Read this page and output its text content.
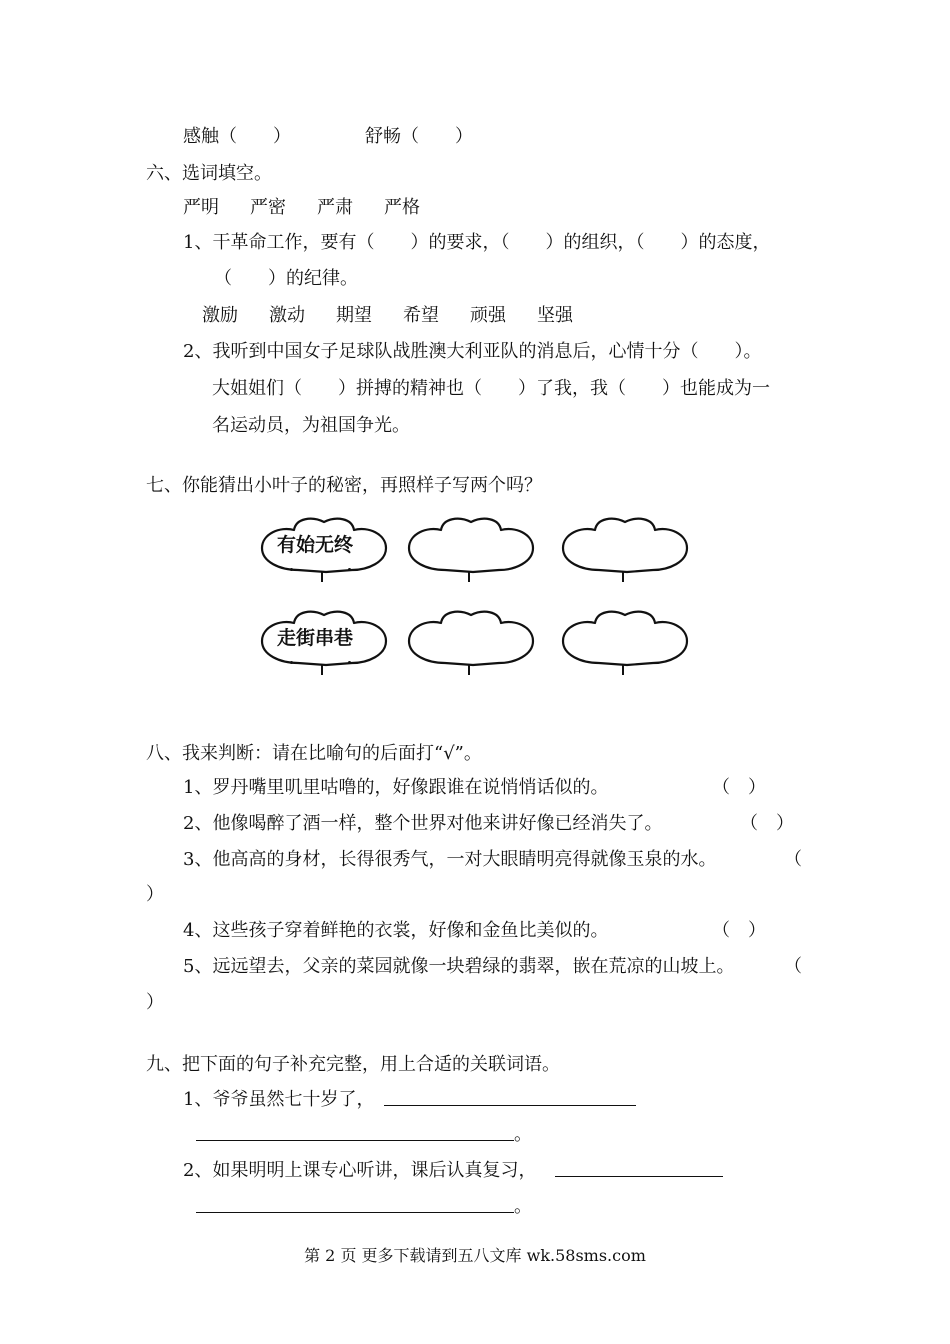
感触（　　）	舒畅（　　）
六、选词填空。
严明 严密 严肃 严格
1、干革命工作，要有（　　）的要求，（　　）的组织，（　　）的态度，
（　　）的纪律。
激励 激动 期望 希望 顽强 坚强
2、我听到中国女子足球队战胜澳大利亚队的消息后，心情十分（　　）。
大姐姐们（　　）拼搏的精神也（　　）了我，我（　　）也能成为一
名运动员，为祖国争光。
七、你能猜出小叶子的秘密，再照样子写两个吗？
有始无终
走街串巷
八、我来判断：请在比喻句的后面打“√”。
1、罗丹嘴里叽里咕噜的，好像跟谁在说悄悄话似的。	（　）
2、他像喝醉了酒一样，整个世界对他来讲好像已经消失了。	（　）
3、他高高的身材，长得很秀气，一对大眼睛明亮得就像玉泉的水。	（
）
4、这些孩子穿着鲜艳的衣裳，好像和金鱼比美似的。	（　）
5、远远望去，父亲的菜园就像一块碧绿的翡翠，嵌在荒凉的山坡上。	（
）
九、把下面的句子补充完整，用上合适的关联词语。
1、爷爷虽然七十岁了，
。
2、如果明明上课专心听讲，课后认真复习，
。
第 2 页 更多下载请到五八文库 wk.58sms.com
